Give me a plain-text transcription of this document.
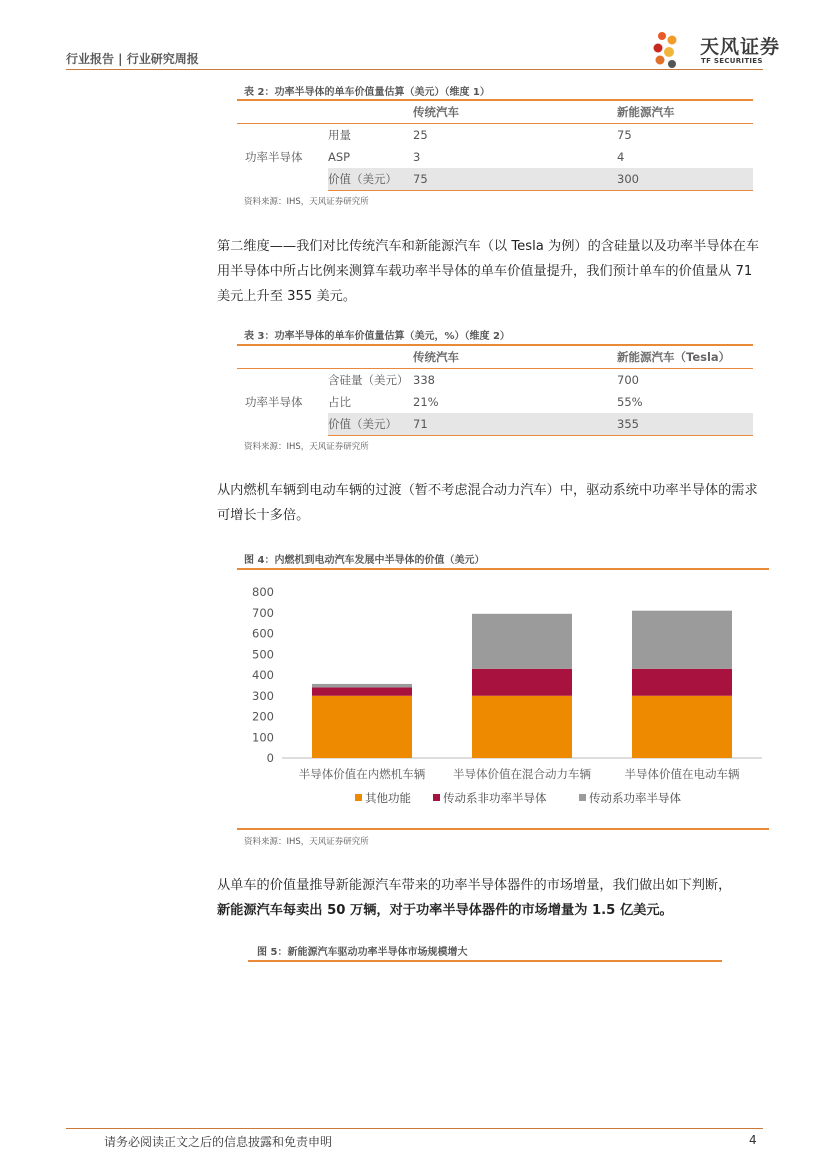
行业报告 | 行业研究周报
天风证券
TF SECURITIES
表 2：功率半导体的单车价值量估算（美元）（维度 1）
		传统汽车	新能源汽车
功率半导体	用量	25	75
	ASP	3	4
	价值（美元）	75	300
资料来源：IHS，天风证券研究所
第二维度——我们对比传统汽车和新能源汽车（以 Tesla 为例）的含硅量以及功率半导体在车用半导体中所占比例来测算车载功率半导体的单车价值量提升，我们预计单车的价值量从 71 美元上升至 355 美元。
表 3：功率半导体的单车价值量估算（美元，%）（维度 2）
		传统汽车	新能源汽车（Tesla）
功率半导体	含硅量（美元）	338	700
	占比	21%	55%
	价值（美元）	71	355
资料来源：IHS，天风证券研究所
从内燃机车辆到电动车辆的过渡（暂不考虑混合动力汽车）中，驱动系统中功率半导体的需求可增长十多倍。
图 4：内燃机到电动汽车发展中半导体的价值（美元）
0
100
200
300
400
500
600
700
800
半导体价值在内燃机车辆 半导体价值在混合动力车辆	半导体价值在电动车辆
其他功能	传动系非功率半导体	传动系功率半导体
资料来源：IHS，天风证券研究所
从单车的价值量推导新能源汽车带来的功率半导体器件的市场增量，我们做出如下判断，
新能源汽车每卖出 50 万辆，对于功率半导体器件的市场增量为 1.5 亿美元。
图 5：新能源汽车驱动功率半导体市场规模增大
请务必阅读正文之后的信息披露和免责申明	4
